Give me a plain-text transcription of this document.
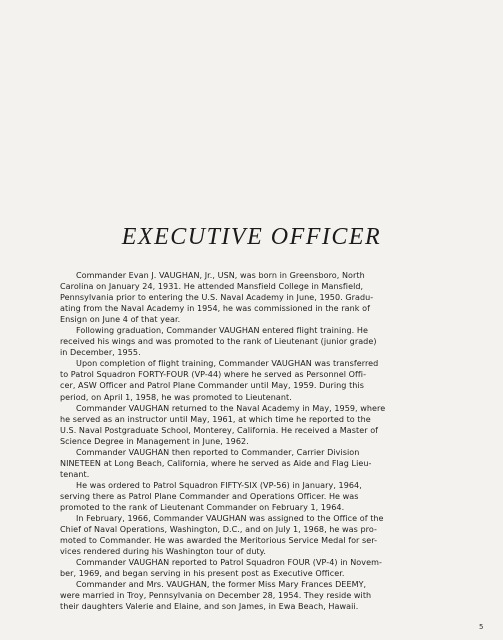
EXECUTIVE OFFICER

Commander Evan J. VAUGHAN, Jr., USN, was born in Greensboro, North
Carolina on January 24, 1931. He attended Mansfield College in Mansfield,
Pennsylvania prior to entering the U.S. Naval Academy in June, 1950. Gradu-
ating from the Naval Academy in 1954, he was commissioned in the rank of
Ensign on June 4 of that year.

Following graduation, Commander VAUGHAN entered flight training. He
received his wings and was promoted to the rank of Lieutenant (junior grade)
in December, 1955.

Upon completion of flight training, Commander VAUGHAN was transferred
to Patrol Squadron FORTY-FOUR (VP-44) where he served as Personnel Offi-
cer, ASW Officer and Patrol Plane Commander until May, 1959. During this
period, on April 1, 1958, he was promoted to Lieutenant.

Commander VAUGHAN returned to the Naval Academy in May, 1959, where
he served as an instructor until May, 1961, at which time he reported to the
U.S. Naval Postgraduate School, Monterey, California. He received a Master of
Science Degree in Management in June, 1962.

Commander VAUGHAN then reported to Commander, Carrier Division
NINETEEN at Long Beach, California, where he served as Aide and Flag Lieu-
tenant.

He was ordered to Patrol Squadron FIFTY-SIX (VP-56) in January, 1964,
serving there as Patrol Plane Commander and Operations Officer. He was
promoted to the rank of Lieutenant Commander on February 1, 1964.

In February, 1966, Commander VAUGHAN was assigned to the Office of the
Chief of Naval Operations, Washington, D.C., and on July 1, 1968, he was pro-
moted to Commander. He was awarded the Meritorious Service Medal for ser-
vices rendered during his Washington tour of duty.

Commander VAUGHAN reported to Patrol Squadron FOUR (VP-4) in Novem-
ber, 1969, and began serving in his present post as Executive Officer.

Commander and Mrs. VAUGHAN, the former Miss Mary Frances DEEMY,
were married in Troy, Pennsylvania on December 28, 1954. They reside with
their daughters Valerie and Elaine, and son James, in Ewa Beach, Hawaii.

5
